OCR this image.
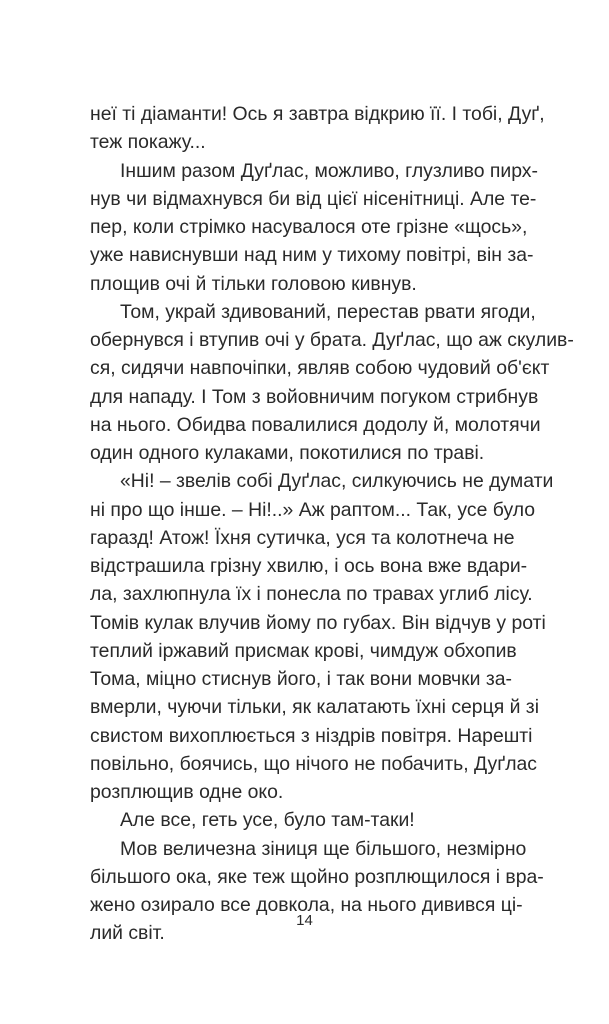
неї ті діаманти! Ось я завтра відкрию її. І тобі, Дуґ,
теж покажу...
Іншим разом Дуґлас, можливо, глузливо пирх-
нув чи відмахнувся би від цієї нісенітниці. Але те-
пер, коли стрімко насувалося оте грізне «щось»,
уже нависнувши над ним у тихому повітрі, він за-
площив очі й тільки головою кивнув.
Том, украй здивований, перестав рвати ягоди,
обернувся і втупив очі у брата. Дуґлас, що аж скулив-
ся, сидячи навпочіпки, являв собою чудовий об'єкт
для нападу. І Том з войовничим погуком стрибнув
на нього. Обидва повалилися додолу й, молотячи
один одного кулаками, покотилися по траві.
«Ні! – звелів собі Дуґлас, силкуючись не думати
ні про що інше. – Ні!..» Аж раптом... Так, усе було
гаразд! Атож! Їхня сутичка, уся та колотнеча не
відстрашила грізну хвилю, і ось вона вже вдари-
ла, захлюпнула їх і понесла по травах углиб лісу.
Томів кулак влучив йому по губах. Він відчув у роті
теплий іржавий присмак крові, чимдуж обхопив
Тома, міцно стиснув його, і так вони мовчки за-
вмерли, чуючи тільки, як калатають їхні серця й зі
свистом вихоплюється з ніздрів повітря. Нарешті
повільно, боячись, що нічого не побачить, Дуґлас
розплющив одне око.
Але все, геть усе, було там-таки!
Мов величезна зіниця ще більшого, незмірно
більшого ока, яке теж щойно розплющилося і вра-
жено озирало все довкола, на нього дивився ці-
лий світ.
14
